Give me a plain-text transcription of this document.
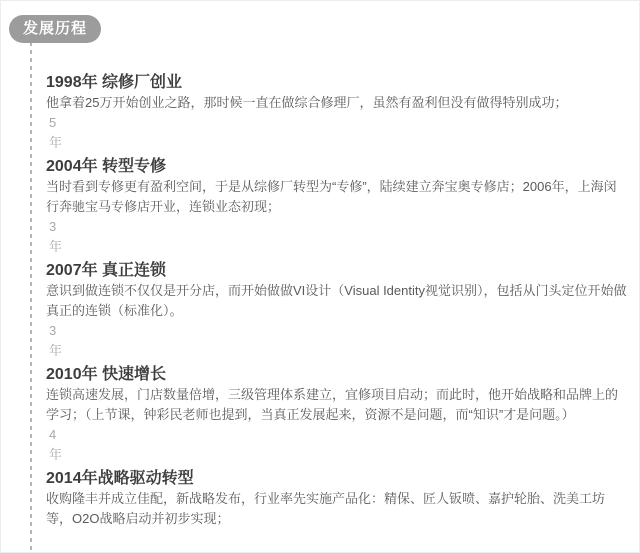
发展历程
1998年 综修厂创业
他拿着25万开始创业之路，那时候一直在做综合修理厂，虽然有盈利但没有做得特别成功；
5
年
2004年 转型专修
当时看到专修更有盈利空间，于是从综修厂转型为“专修”，陆续建立奔宝奥专修店；2006年，上海闵行奔驰宝马专修店开业，连锁业态初现；
3
年
2007年 真正连锁
意识到做连锁不仅仅是开分店，而开始做做VI设计（Visual Identity视觉识别），包括从门头定位开始做真正的连锁（标准化）。
3
年
2010年 快速增长
连锁高速发展，门店数量倍增，三级管理体系建立，宜修项目启动；而此时，他开始战略和品牌上的学习；（上节课，钟彩民老师也提到，当真正发展起来，资源不是问题，而“知识”才是问题。）
4
年
2014年战略驱动转型
收购隆丰并成立佳配，新战略发布，行业率先实施产品化：精保、匠人钣喷、嘉护轮胎、洗美工坊等，O2O战略启动并初步实现；
